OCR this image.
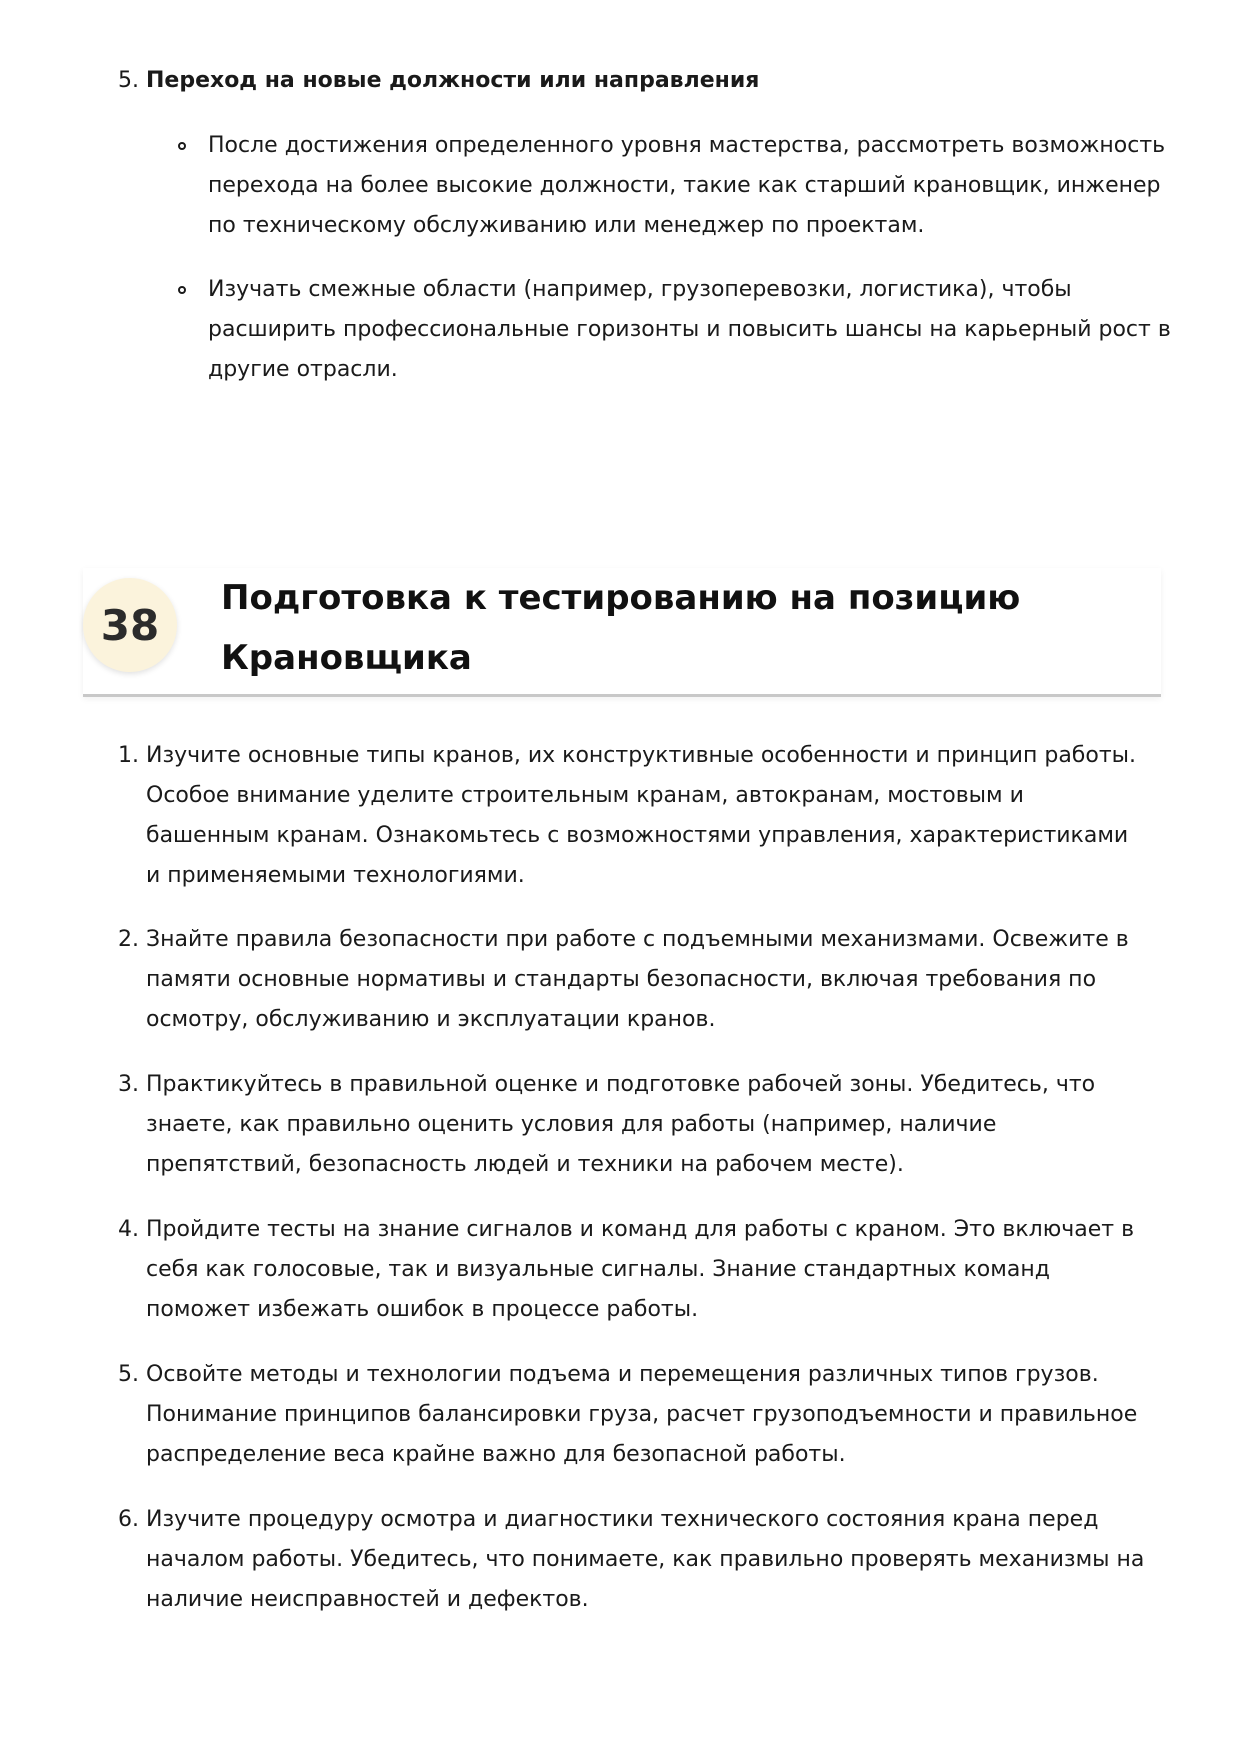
5. Переход на новые должности или направления
После достижения определенного уровня мастерства, рассмотреть возможность перехода на более высокие должности, такие как старший крановщик, инженер по техническому обслуживанию или менеджер по проектам.
Изучать смежные области (например, грузоперевозки, логистика), чтобы расширить профессиональные горизонты и повысить шансы на карьерный рост в другие отрасли.
38
Подготовка к тестированию на позицию
Крановщика
1. Изучите основные типы кранов, их конструктивные особенности и принцип работы. Особое внимание уделите строительным кранам, автокранам, мостовым и башенным кранам. Ознакомьтесь с возможностями управления, характеристиками и применяемыми технологиями.
2. Знайте правила безопасности при работе с подъемными механизмами. Освежите в памяти основные нормативы и стандарты безопасности, включая требования по осмотру, обслуживанию и эксплуатации кранов.
3. Практикуйтесь в правильной оценке и подготовке рабочей зоны. Убедитесь, что знаете, как правильно оценить условия для работы (например, наличие препятствий, безопасность людей и техники на рабочем месте).
4. Пройдите тесты на знание сигналов и команд для работы с краном. Это включает в себя как голосовые, так и визуальные сигналы. Знание стандартных команд поможет избежать ошибок в процессе работы.
5. Освойте методы и технологии подъема и перемещения различных типов грузов. Понимание принципов балансировки груза, расчет грузоподъемности и правильное распределение веса крайне важно для безопасной работы.
6. Изучите процедуру осмотра и диагностики технического состояния крана перед началом работы. Убедитесь, что понимаете, как правильно проверять механизмы на наличие неисправностей и дефектов.
